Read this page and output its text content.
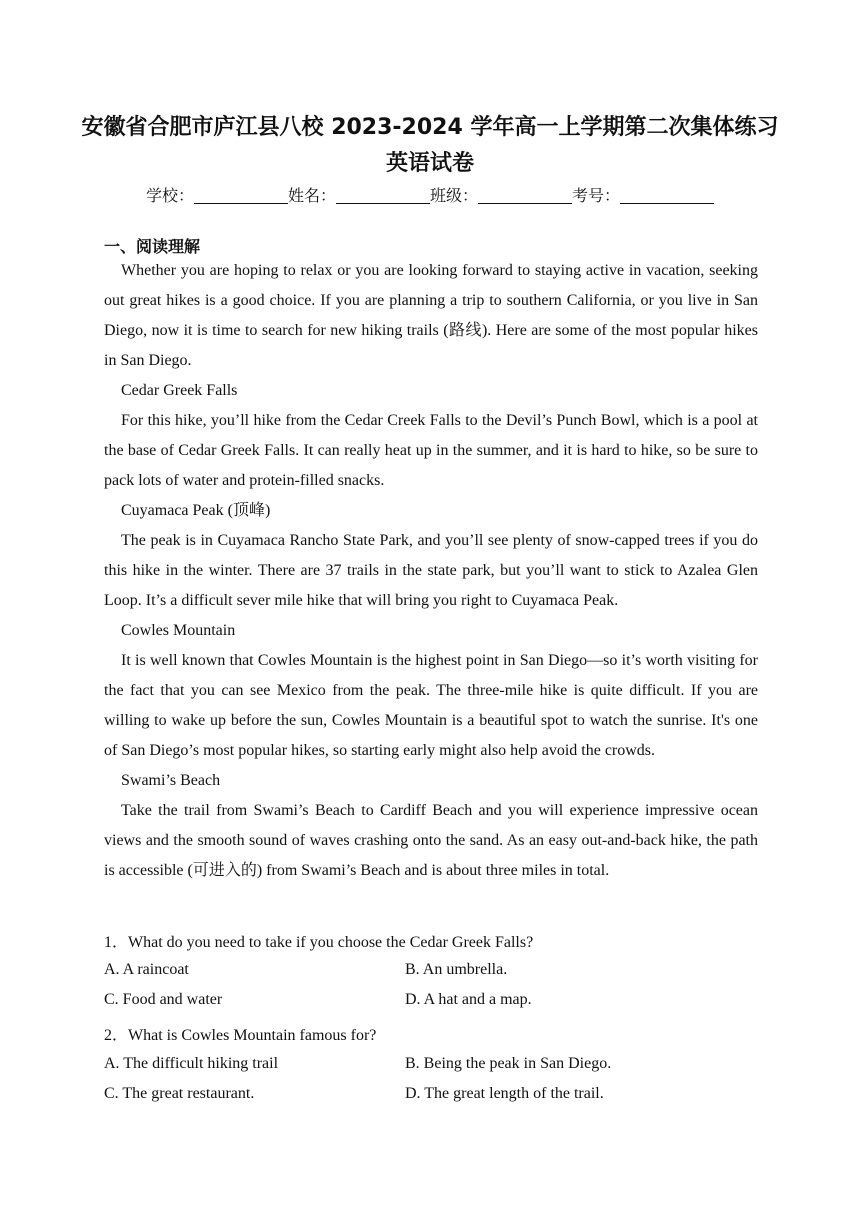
安徽省合肥市庐江县八校 2023-2024 学年高一上学期第二次集体练习
英语试卷
学校：	姓名：	班级：	考号：
一、阅读理解

Whether you are hoping to relax or you are looking forward to staying active in vacation, seeking out great hikes is a good choice. If you are planning a trip to southern California, or you live in San Diego, now it is time to search for new hiking trails (路线). Here are some of the most popular hikes in San Diego.

Cedar Greek Falls

For this hike, you’ll hike from the Cedar Creek Falls to the Devil’s Punch Bowl, which is a pool at the base of Cedar Greek Falls. It can really heat up in the summer, and it is hard to hike, so be sure to pack lots of water and protein-filled snacks.

Cuyamaca Peak (顶峰)

The peak is in Cuyamaca Rancho State Park, and you’ll see plenty of snow-capped trees if you do this hike in the winter. There are 37 trails in the state park, but you’ll want to stick to Azalea Glen Loop. It’s a difficult sever mile hike that will bring you right to Cuyamaca Peak.

Cowles Mountain

It is well known that Cowles Mountain is the highest point in San Diego—so it’s worth visiting for the fact that you can see Mexico from the peak. The three-mile hike is quite difficult. If you are willing to wake up before the sun, Cowles Mountain is a beautiful spot to watch the sunrise. It's one of San Diego’s most popular hikes, so starting early might also help avoid the crowds.

Swami’s Beach

Take the trail from Swami’s Beach to Cardiff Beach and you will experience impressive ocean views and the smooth sound of waves crashing onto the sand. As an easy out-and-back hike, the path is accessible (可进入的) from Swami’s Beach and is about three miles in total.

1．What do you need to take if you choose the Cedar Greek Falls?
A. A raincoat	B. An umbrella.
C. Food and water	D. A hat and a map.
2．What is Cowles Mountain famous for?
A. The difficult hiking trail	B. Being the peak in San Diego.
C. The great restaurant.	D. The great length of the trail.
